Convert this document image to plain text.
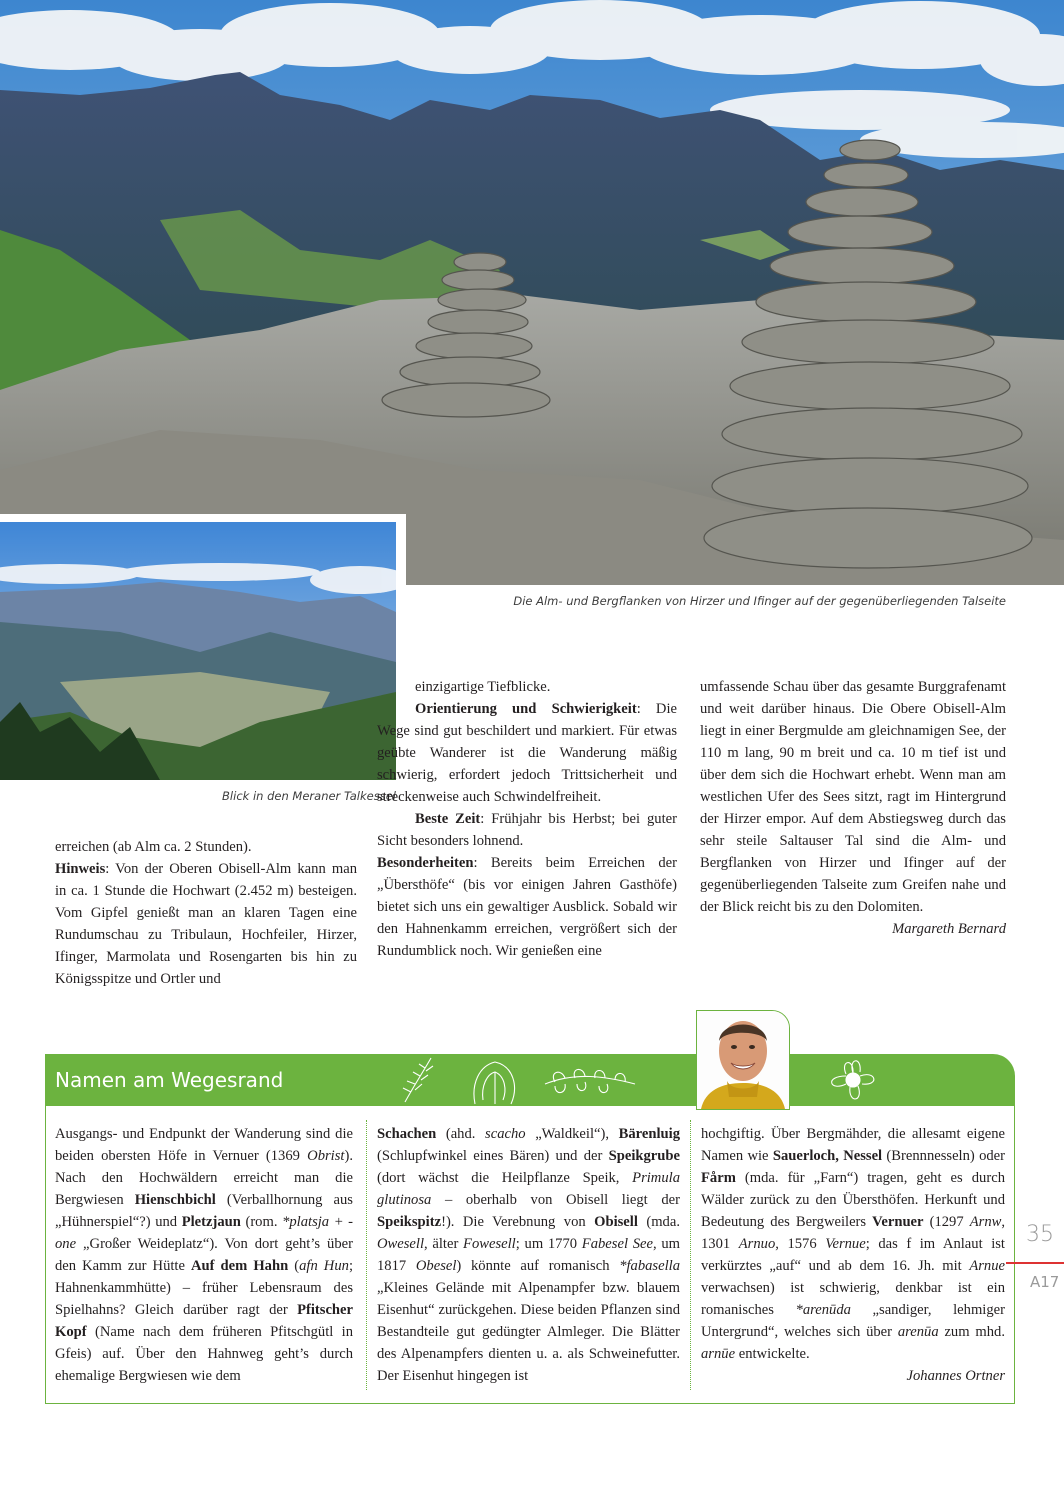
Die Alm- und Bergflanken von Hirzer und Ifinger auf der gegenüberliegenden Talseite
Blick in den Meraner Talkessel

erreichen (ab Alm ca. 2 Stunden).

Hinweis: Von der Oberen Obisell-Alm kann man in ca. 1 Stunde die Hochwart (2.452 m) besteigen. Vom Gipfel genießt man an klaren Tagen eine Rundumschau zu Tribulaun, Hochfeiler, Hirzer, Ifinger, Marmolata und Rosengarten bis hin zu Königsspitze und Ortler und

einzigartige Tiefblicke.

Orientierung und Schwierigkeit: Die Wege sind gut beschildert und markiert. Für etwas geübte Wanderer ist die Wanderung mäßig schwierig, erfordert jedoch Trittsicherheit und streckenweise auch Schwindelfreiheit.

Beste Zeit: Frühjahr bis Herbst; bei guter Sicht besonders lohnend.

Besonderheiten: Bereits beim Erreichen der „Übersthöfe“ (bis vor einigen Jahren Gasthöfe) bietet sich uns ein gewaltiger Ausblick. Sobald wir den Hahnenkamm erreichen, vergrößert sich der Rundumblick noch. Wir genießen eine

umfassende Schau über das gesamte Burggrafenamt und weit darüber hinaus. Die Obere Obisell-Alm liegt in einer Bergmulde am gleichnamigen See, der 110 m lang, 90 m breit und ca. 10 m tief ist und über dem sich die Hochwart erhebt. Wenn man am westlichen Ufer des Sees sitzt, ragt im Hintergrund der Hirzer empor. Auf dem Abstiegsweg durch das sehr steile Saltauser Tal sind die Alm- und Bergflanken von Hirzer und Ifinger auf der gegenüberliegenden Talseite zum Greifen nahe und der Blick reicht bis zu den Dolomiten.

Margareth Bernard

Namen am Wegesrand

Ausgangs- und Endpunkt der Wanderung sind die beiden obersten Höfe in Vernuer (1369 Obrist). Nach den Hochwäldern erreicht man die Bergwiesen Hienschbichl (Verballhornung aus „Hühnerspiel“?) und Pletzjaun (rom. *platsja + -one „Großer Weideplatz“). Von dort geht’s über den Kamm zur Hütte Auf dem Hahn (afn Hun; Hahnenkammhütte) – früher Lebensraum des Spielhahns? Gleich darüber ragt der Pfitscher Kopf (Name nach dem früheren Pfitschgütl in Gfeis) auf. Über den Hahnweg geht’s durch ehemalige Bergwiesen wie dem

Schachen (ahd. scacho „Waldkeil“), Bärenluig (Schlupfwinkel eines Bären) und der Speikgrube (dort wächst die Heilpflanze Speik, Primula glutinosa – oberhalb von Obisell liegt der Speikspitz!). Die Verebnung von Obisell (mda. Owesell, älter Fowesell; um 1770 Fabesel See, um 1817 Obesel) könnte auf romanisch *fabasella „Kleines Gelände mit Alpenampfer bzw. blauem Eisenhut“ zurückgehen. Diese beiden Pflanzen sind Bestandteile gut gedüngter Almleger. Die Blätter des Alpenampfers dienten u. a. als Schweinefutter. Der Eisenhut hingegen ist

hochgiftig. Über Bergmähder, die allesamt eigene Namen wie Sauerloch, Nessel (Brennnesseln) oder Fårm (mda. für „Farn“) tragen, geht es durch Wälder zurück zu den Übersthöfen. Herkunft und Bedeutung des Bergweilers Vernuer (1297 Arnw, 1301 Arnuo, 1576 Vernue; das f im Anlaut ist verkürztes „auf“ und ab dem 16. Jh. mit Arnue verwachsen) ist schwierig, denkbar ist ein romanisches *arenūda „sandiger, lehmiger Untergrund“, welches sich über arenūa zum mhd. arnūe entwickelte.

Johannes Ortner

35
A17
